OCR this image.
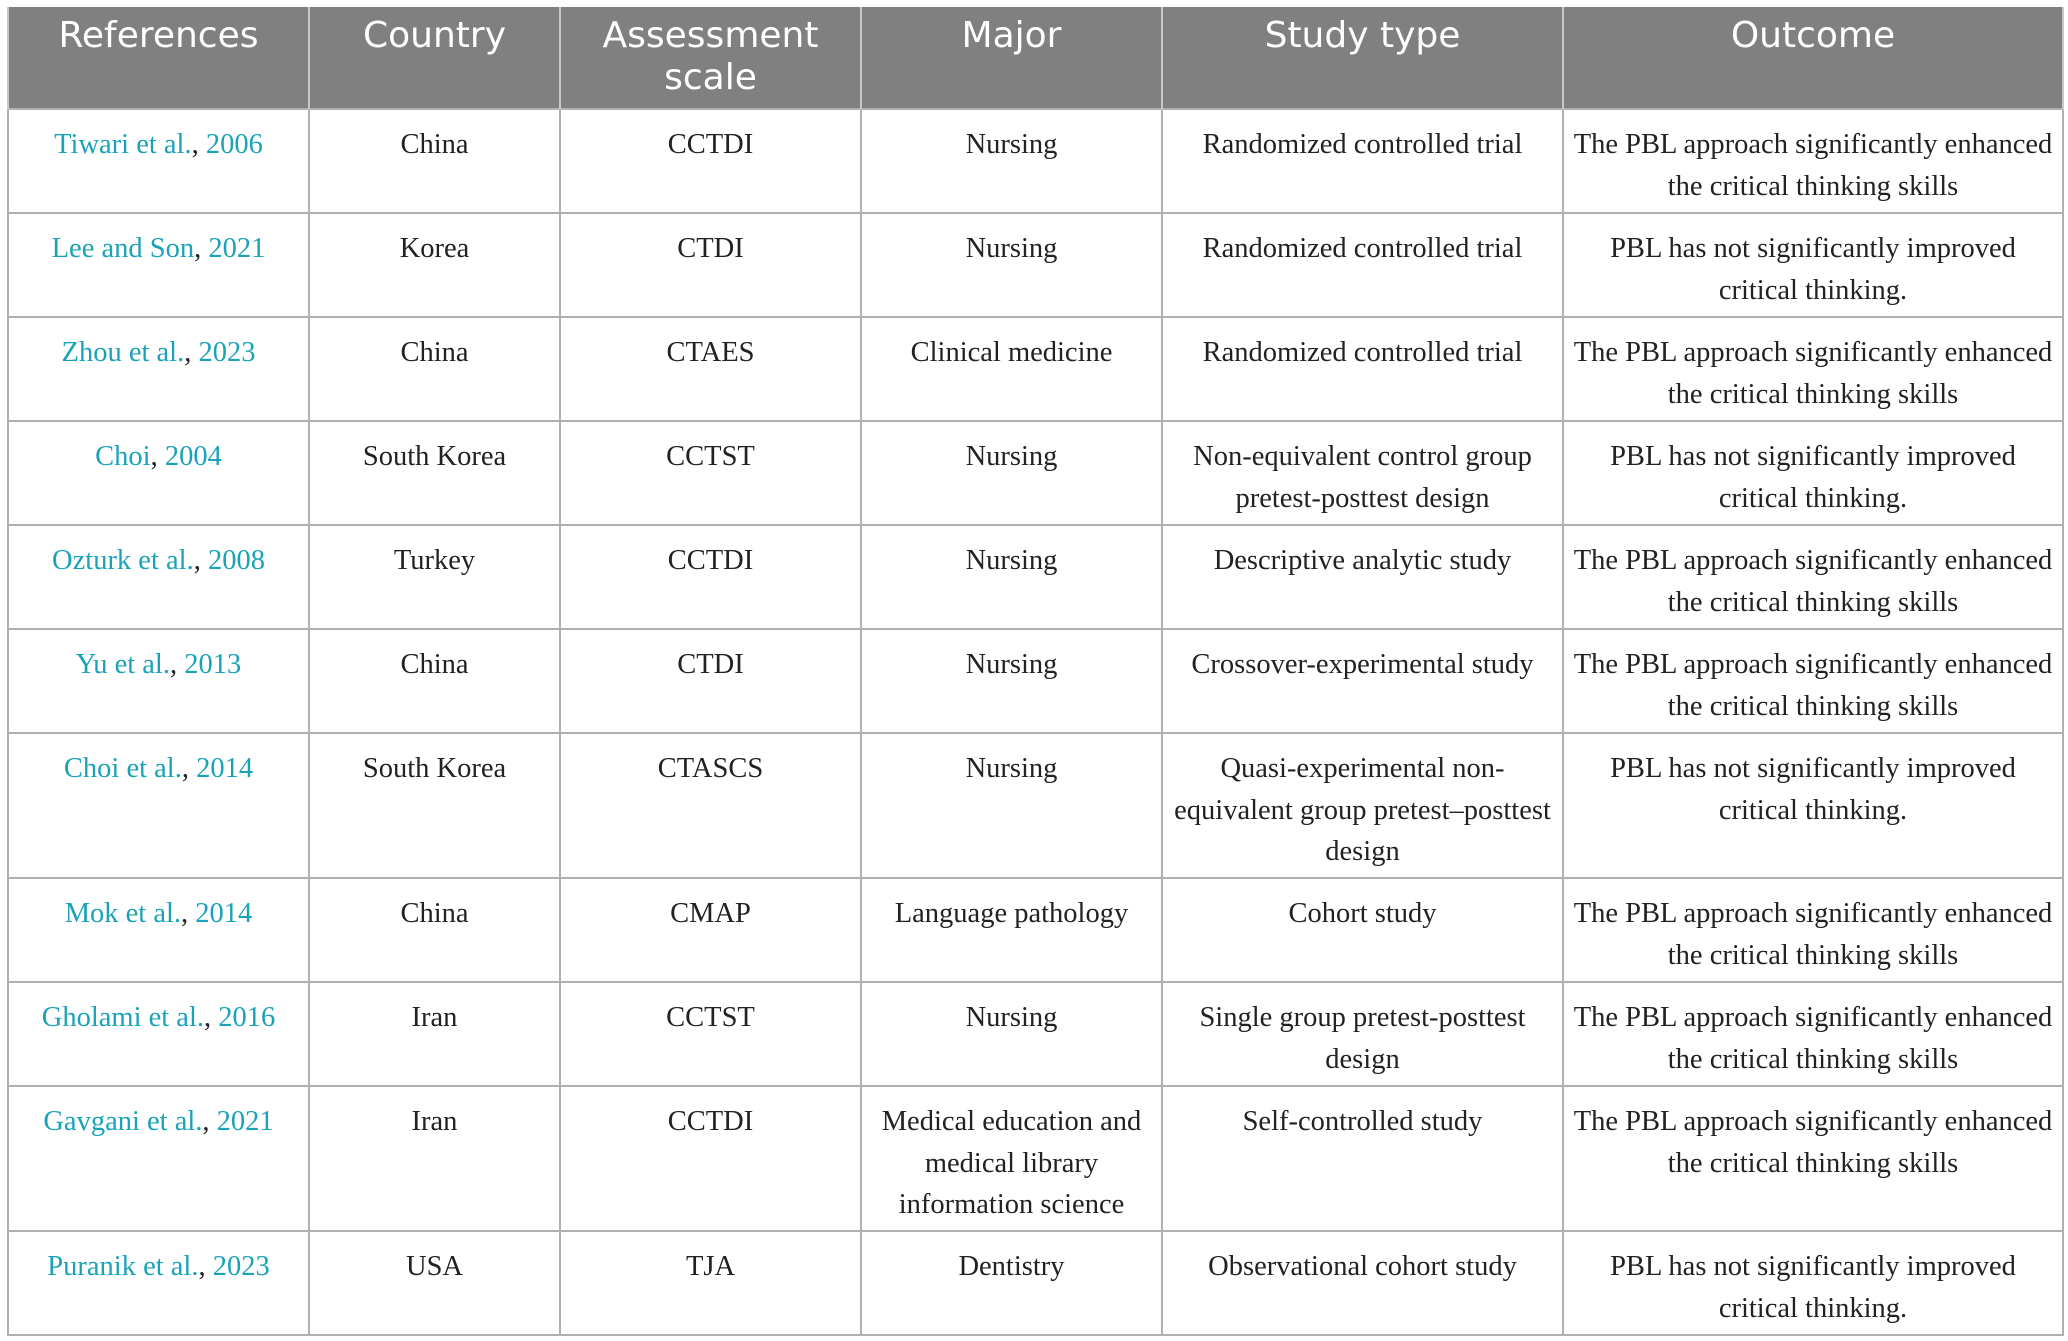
References	Country	Assessment scale	Major	Study type	Outcome
Tiwari et al., 2006	China	CCTDI	Nursing	Randomized controlled trial	The PBL approach significantly enhanced the critical thinking skills
Lee and Son, 2021	Korea	CTDI	Nursing	Randomized controlled trial	PBL has not significantly improved critical thinking.
Zhou et al., 2023	China	CTAES	Clinical medicine	Randomized controlled trial	The PBL approach significantly enhanced the critical thinking skills
Choi, 2004	South Korea	CCTST	Nursing	Non-equivalent control group pretest-posttest design	PBL has not significantly improved critical thinking.
Ozturk et al., 2008	Turkey	CCTDI	Nursing	Descriptive analytic study	The PBL approach significantly enhanced the critical thinking skills
Yu et al., 2013	China	CTDI	Nursing	Crossover-experimental study	The PBL approach significantly enhanced the critical thinking skills
Choi et al., 2014	South Korea	CTASCS	Nursing	Quasi-experimental non-equivalent group pretest–posttest design	PBL has not significantly improved critical thinking.
Mok et al., 2014	China	CMAP	Language pathology	Cohort study	The PBL approach significantly enhanced the critical thinking skills
Gholami et al., 2016	Iran	CCTST	Nursing	Single group pretest-posttest design	The PBL approach significantly enhanced the critical thinking skills
Gavgani et al., 2021	Iran	CCTDI	Medical education and medical library information science	Self-controlled study	The PBL approach significantly enhanced the critical thinking skills
Puranik et al., 2023	USA	TJA	Dentistry	Observational cohort study	PBL has not significantly improved critical thinking.
